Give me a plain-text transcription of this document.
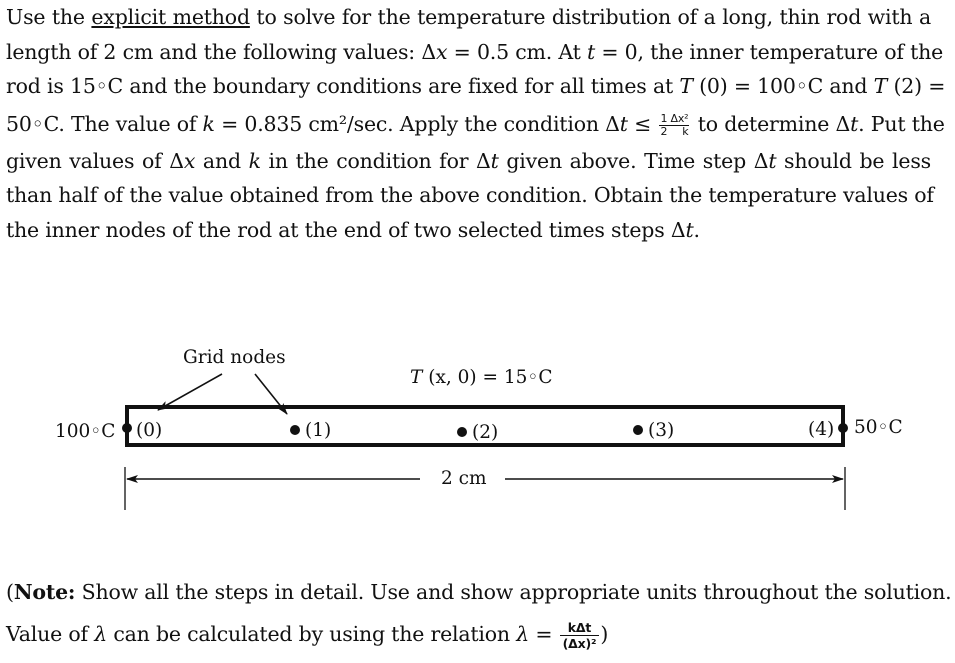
Use the explicit method to solve for the temperature distribution of a long, thin rod with a
length of 2 cm and the following values: Δx = 0.5 cm. At t = 0, the inner temperature of the
rod is 15◦C and the boundary conditions are fixed for all times at T (0) = 100◦C and T (2) =
50◦C. The value of k = 0.835 cm²/sec. Apply the condition $\Delta t \le \frac{\text{1 Δx²}}{2 k}$ to determine Δt. Put the
given values of Δx and k in the condition for Δt given above. Time step Δt should be less
than half of the value obtained from the above condition. Obtain the temperature values of
the inner nodes of the rod at the end of two selected times steps Δt.
Grid nodes
T (x, 0) = 15◦C
100◦C	50◦C
(0)	(1)	(2)	(3)	(4)
2 cm
(Note: Show all the steps in detail. Use and show appropriate units throughout the solution.
Value of λ can be calculated by using the relation $\lambda = \frac{\text{kΔt}}{\text{(Δx)²}}$ )
